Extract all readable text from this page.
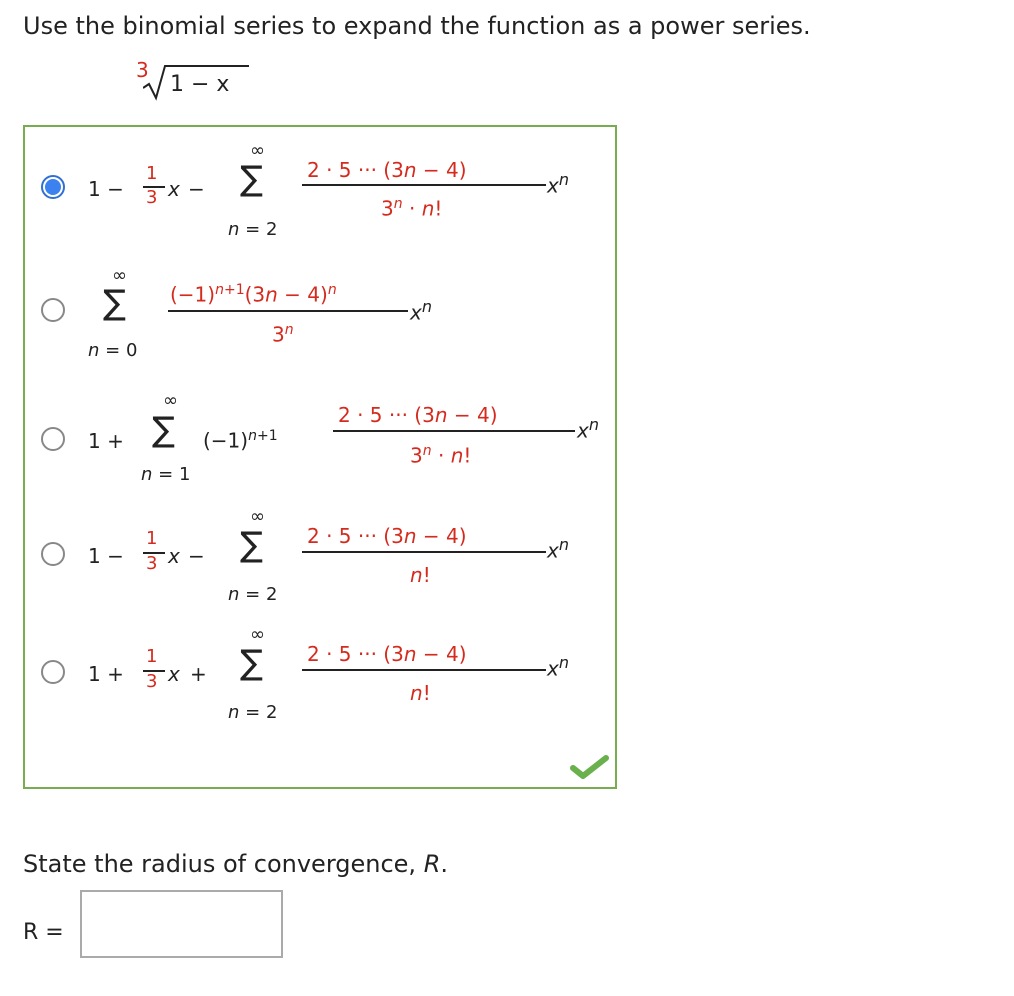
Use the binomial series to expand the function as a power series.
3
1 − x
1 −
1
3 x −
∞
∑
n = 2
2 · 5 ··· (3n − 4)
$3^n \cdot n$!
$x^n$
∞
∑
n = 0
$(-1)^{n+1}(3n - 4)^n$
3$^n$
$x^n$
1 +
∞
∑
n = 1
$(-1)^{n+1}$
2 · 5 ··· (3n − 4)
$3^n \cdot n$!
$x^n$
1 −
1
3 x −
∞
∑
n = 2
2 · 5 ··· (3n − 4)
n!
$x^n$
1 +
1
3 x +
∞
∑
n = 2
2 · 5 ··· (3n − 4)
n!
$x^n$
State the radius of convergence, R.
R =
